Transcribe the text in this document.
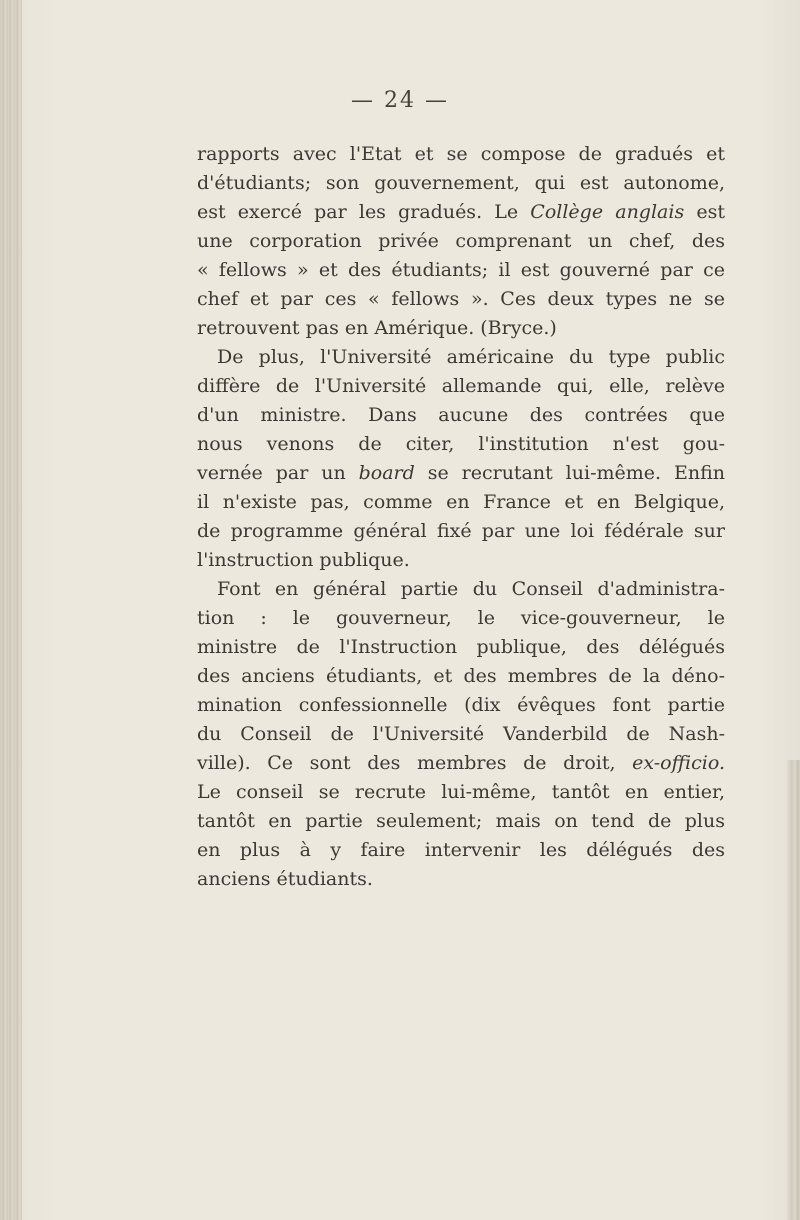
— 24 —

rapports avec l'Etat et se compose de gradués et
d'étudiants; son gouvernement, qui est autonome,
est exercé par les gradués. Le Collège anglais est
une corporation privée comprenant un chef, des
« fellows » et des étudiants; il est gouverné par ce
chef et par ces « fellows ». Ces deux types ne se
retrouvent pas en Amérique. (Bryce.)

De plus, l'Université américaine du type public
diffère de l'Université allemande qui, elle, relève
d'un ministre. Dans aucune des contrées que
nous venons de citer, l'institution n'est gou-
vernée par un board se recrutant lui-même. Enfin
il n'existe pas, comme en France et en Belgique,
de programme général fixé par une loi fédérale sur
l'instruction publique.

Font en général partie du Conseil d'administra-
tion : le gouverneur, le vice-gouverneur, le
ministre de l'Instruction publique, des délégués
des anciens étudiants, et des membres de la déno-
mination confessionnelle (dix évêques font partie
du Conseil de l'Université Vanderbild de Nash-
ville). Ce sont des membres de droit, ex-officio.
Le conseil se recrute lui-même, tantôt en entier,
tantôt en partie seulement; mais on tend de plus
en plus à y faire intervenir les délégués des
anciens étudiants.
